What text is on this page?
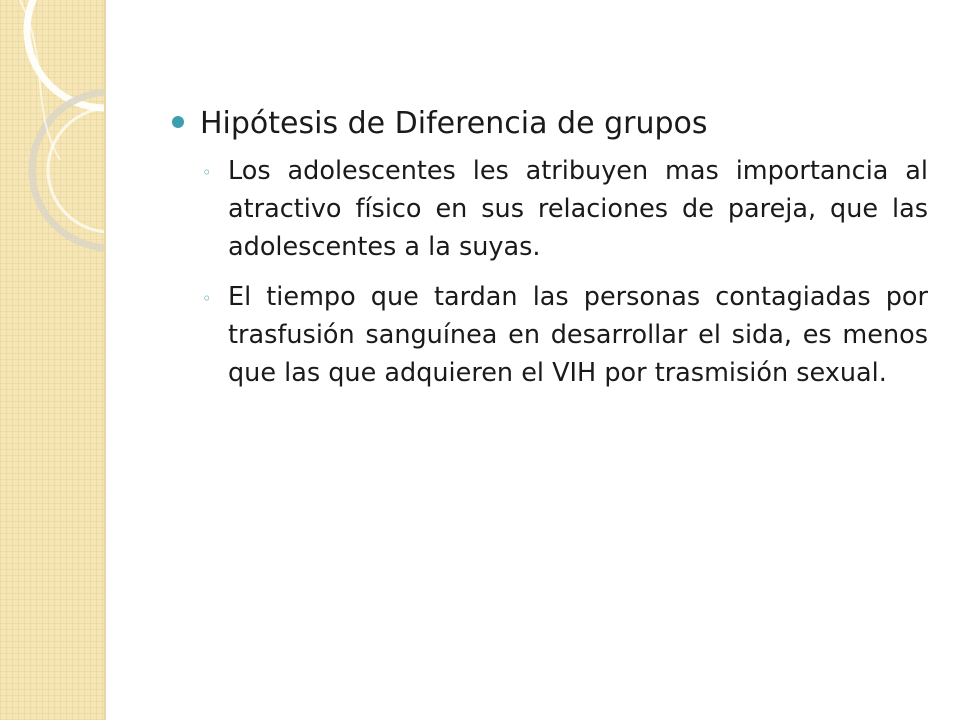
Hipótesis de Diferencia de grupos
◦ Los adolescentes les atribuyen mas importancia al atractivo físico en sus relaciones de pareja, que las adolescentes a la suyas.

◦ El tiempo que tardan las personas contagiadas por trasfusión sanguínea en desarrollar el sida, es menos que las que adquieren el VIH por trasmisión sexual.
